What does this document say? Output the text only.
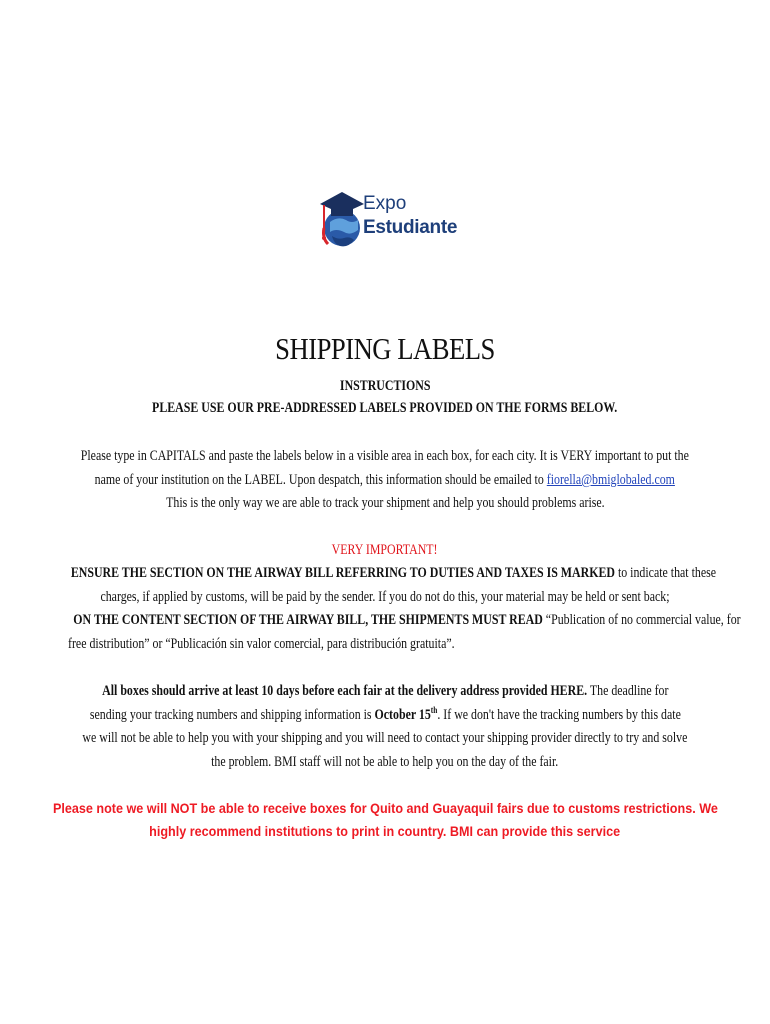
Expo
Estudiante
SHIPPING LABELS
INSTRUCTIONS
PLEASE USE OUR PRE-ADDRESSED LABELS PROVIDED ON THE FORMS BELOW.
Please type in CAPITALS and paste the labels below in a visible area in each box, for each city. It is VERY important to put the
name of your institution on the LABEL. Upon despatch, this information should be emailed to fiorella@bmiglobaled.com
This is the only way we are able to track your shipment and help you should problems arise.
VERY IMPORTANT!
ENSURE THE SECTION ON THE AIRWAY BILL REFERRING TO DUTIES AND TAXES IS MARKED to indicate that these
charges, if applied by customs, will be paid by the sender. If you do not do this, your material may be held or sent back;
ON THE CONTENT SECTION OF THE AIRWAY BILL, THE SHIPMENTS MUST READ “Publication of no commercial value, for
free distribution” or “Publicación sin valor comercial, para distribución gratuita”.
All boxes should arrive at least 10 days before each fair at the delivery address provided HERE. The deadline for
sending your tracking numbers and shipping information is October 15th. If we don't have the tracking numbers by this date
we will not be able to help you with your shipping and you will need to contact your shipping provider directly to try and solve
the problem. BMI staff will not be able to help you on the day of the fair.
Please note we will NOT be able to receive boxes for Quito and Guayaquil fairs due to customs restrictions. We
highly recommend institutions to print in country. BMI can provide this service
